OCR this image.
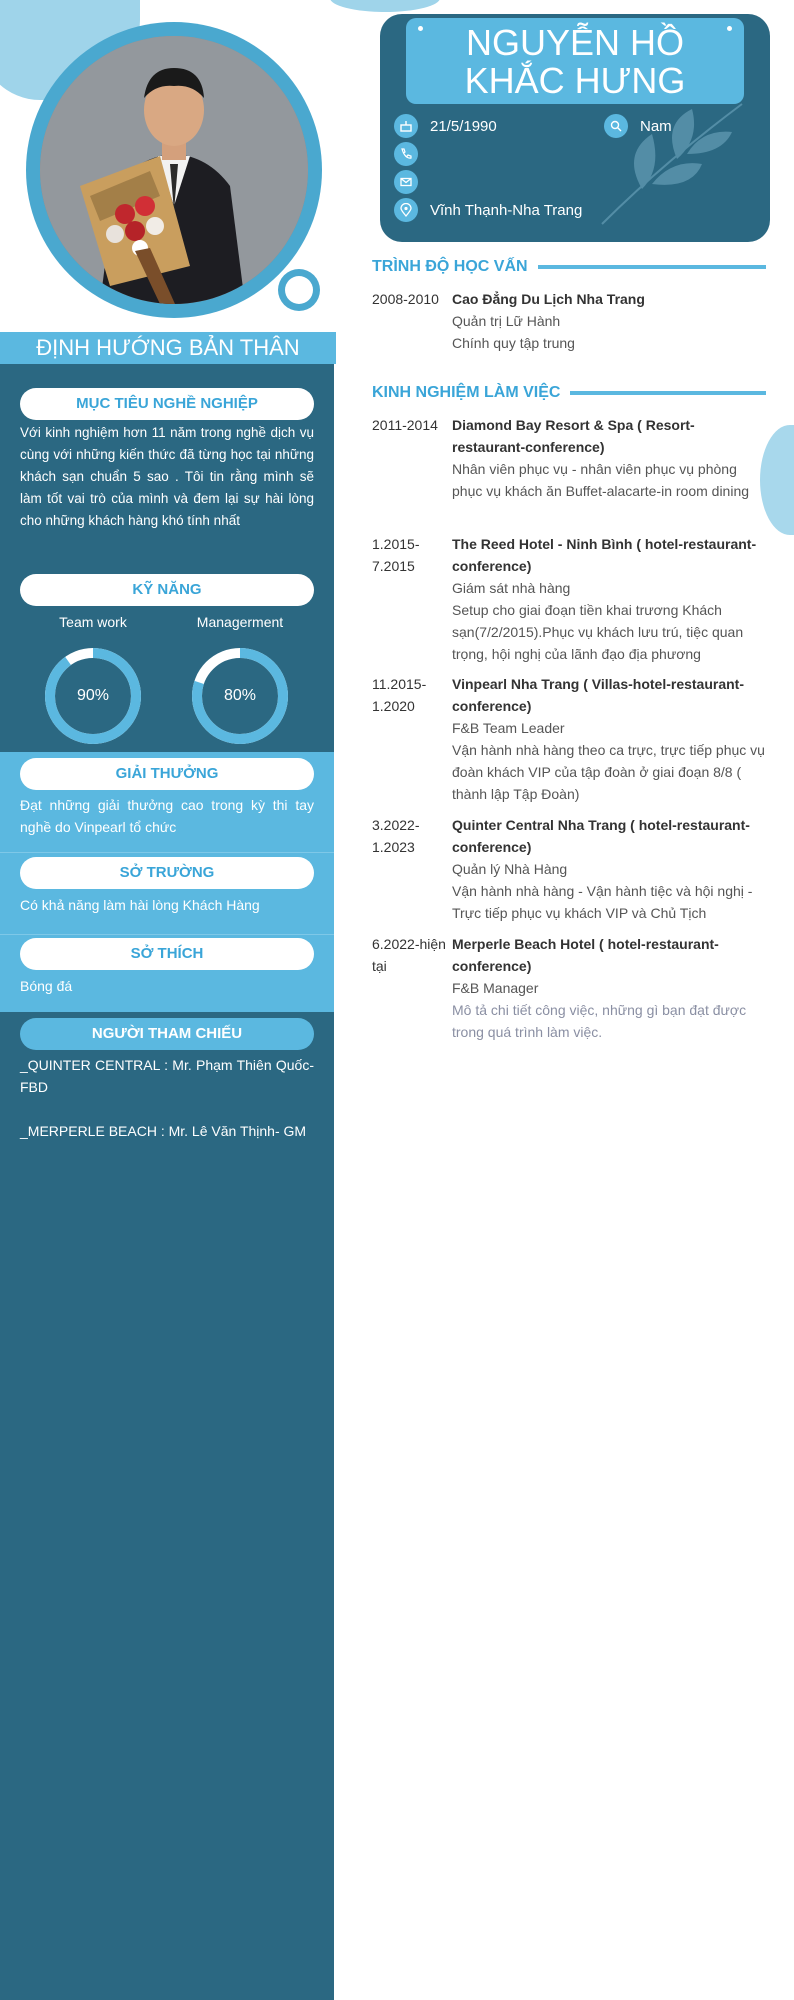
NGUYỄN HỒ
KHẮC HƯNG
21/5/1990	Nam
Vĩnh Thạnh-Nha Trang
ĐỊNH HƯỚNG BẢN THÂN
MỤC TIÊU NGHỀ NGHIỆP
Với kinh nghiệm hơn 11 năm trong nghề dịch vụ cùng với những kiến thức đã từng học tại những khách sạn chuẩn 5 sao . Tôi tin rằng mình sẽ làm tốt vai trò của mình và đem lại sự hài lòng cho những khách hàng khó tính nhất
KỸ NĂNG
Team work	Managerment
90%	80%
GIẢI THƯỞNG
Đạt những giải thưởng cao trong kỳ thi tay nghề do Vinpearl tổ chức
SỞ TRƯỜNG
Có khả năng làm hài lòng Khách Hàng
SỞ THÍCH
Bóng đá
NGƯỜI THAM CHIẾU
_QUINTER CENTRAL : Mr. Phạm Thiên Quốc- FBD
_MERPERLE BEACH : Mr. Lê Văn Thịnh- GM
TRÌNH ĐỘ HỌC VẤN
2008-2010 Cao Đẳng Du Lịch Nha Trang
Quản trị Lữ Hành
Chính quy tập trung
KINH NGHIỆM LÀM VIỆC
2011-2014	Diamond Bay Resort & Spa ( Resort-restaurant-conference)
Nhân viên phục vụ - nhân viên phục vụ phòng phục vụ khách ăn Buffet-alacarte-in room dining
1.2015-7.2015
The Reed Hotel - Ninh Bình ( hotel-restaurant-conference)
Giám sát nhà hàng
Setup cho giai đoạn tiền khai trương Khách sạn(7/2/2015).Phục vụ khách lưu trú, tiệc quan trọng, hội nghị của lãnh đạo địa phương
11.2015-1.2020
Vinpearl Nha Trang ( Villas-hotel-restaurant-conference)
F&B Team Leader
Vận hành nhà hàng theo ca trực, trực tiếp phục vụ đoàn khách VIP của tập đoàn ở giai đoạn 8/8 ( thành lập Tập Đoàn)
3.2022-1.2023
Quinter Central Nha Trang ( hotel-restaurant-conference)
Quản lý Nhà Hàng
Vận hành nhà hàng - Vận hành tiệc và hội nghị - Trực tiếp phục vụ khách VIP và Chủ Tịch
6.2022-hiện tại
Merperle Beach Hotel ( hotel-restaurant-conference)
F&B Manager
Mô tả chi tiết công việc, những gì bạn đạt được trong quá trình làm việc.
